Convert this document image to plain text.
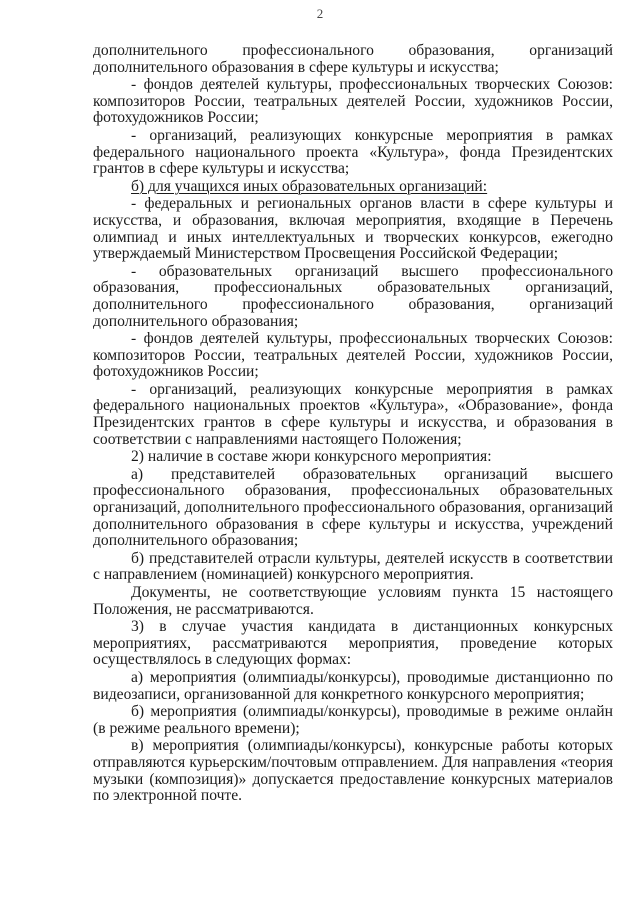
2

дополнительного профессионального образования, организаций дополнительного образования в сфере культуры и искусства;

- фондов деятелей культуры, профессиональных творческих Союзов: композиторов России, театральных деятелей России, художников России, фотохудожников России;

- организаций, реализующих конкурсные мероприятия в рамках федерального национального проекта «Культура», фонда Президентских грантов в сфере культуры и искусства;

б) для учащихся иных образовательных организаций:

- федеральных и региональных органов власти в сфере культуры и искусства, и образования, включая мероприятия, входящие в Перечень олимпиад и иных интеллектуальных и творческих конкурсов, ежегодно утверждаемый Министерством Просвещения Российской Федерации;

- образовательных организаций высшего профессионального образования, профессиональных образовательных организаций, дополнительного профессионального образования, организаций дополнительного образования;

- фондов деятелей культуры, профессиональных творческих Союзов: композиторов России, театральных деятелей России, художников России, фотохудожников России;

- организаций, реализующих конкурсные мероприятия в рамках федерального национальных проектов «Культура», «Образование», фонда Президентских грантов в сфере культуры и искусства, и образования в соответствии с направлениями настоящего Положения;

2) наличие в составе жюри конкурсного мероприятия:

а) представителей образовательных организаций высшего профессионального образования, профессиональных образовательных организаций, дополнительного профессионального образования, организаций дополнительного образования в сфере культуры и искусства, учреждений дополнительного образования;

б) представителей отрасли культуры, деятелей искусств в соответствии с направлением (номинацией) конкурсного мероприятия.

Документы, не соответствующие условиям пункта 15 настоящего Положения, не рассматриваются.

3) в случае участия кандидата в дистанционных конкурсных мероприятиях, рассматриваются мероприятия, проведение которых осуществлялось в следующих формах:

а) мероприятия (олимпиады/конкурсы), проводимые дистанционно по видеозаписи, организованной для конкретного конкурсного мероприятия;

б) мероприятия (олимпиады/конкурсы), проводимые в режиме онлайн (в режиме реального времени);

в) мероприятия (олимпиады/конкурсы), конкурсные работы которых отправляются курьерским/почтовым отправлением. Для направления «теория музыки (композиция)» допускается предоставление конкурсных материалов по электронной почте.
